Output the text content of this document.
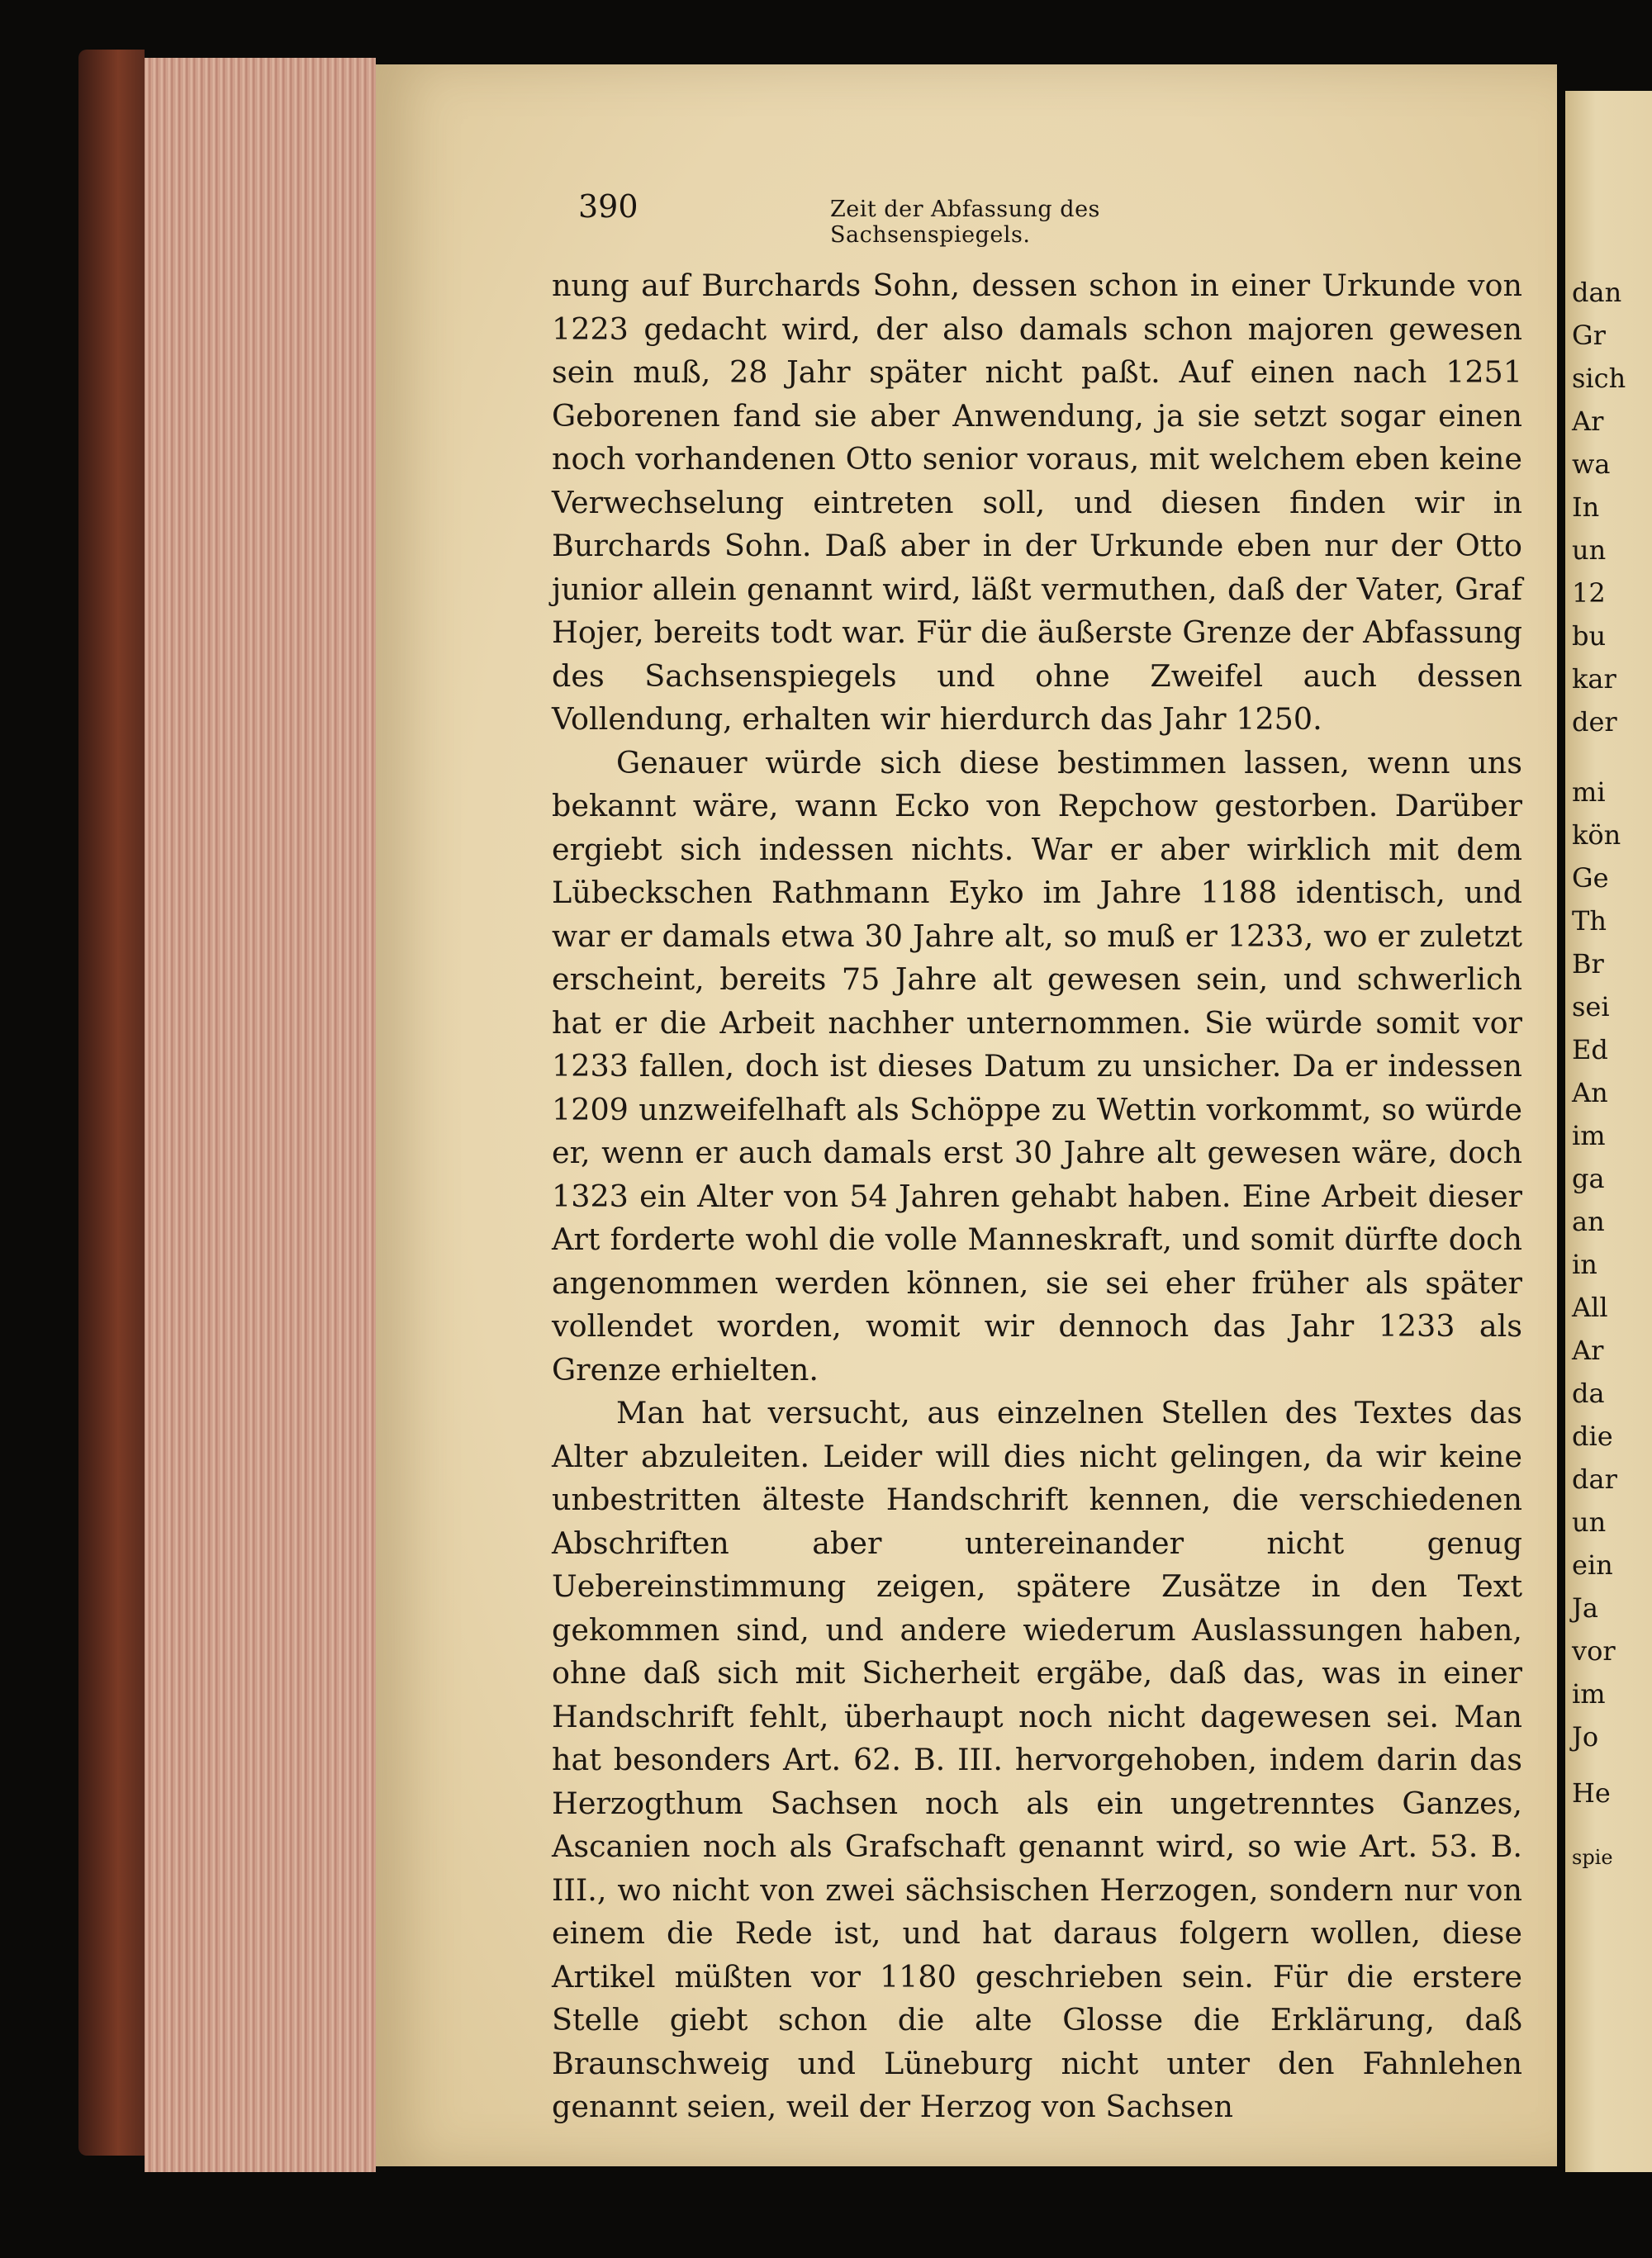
dan
Gr
sich
Ar
wa
In
un
12
bu
kar
der
mi
kön
Ge
Th
Br
sei
Ed
An
im
ga
an
in
All
Ar
da
die
dar
un
ein
Ja
vor
im
Jo
He
spie
390	Zeit der Abfassung des Sachsenspiegels.

nung auf Burchards Sohn, dessen schon in einer Urkunde von 1223 gedacht wird, der also damals schon majoren gewesen sein muß, 28 Jahr später nicht paßt. Auf einen nach 1251 Geborenen fand sie aber Anwendung, ja sie setzt sogar einen noch vorhandenen Otto senior voraus, mit welchem eben keine Verwechselung eintreten soll, und diesen finden wir in Burchards Sohn. Daß aber in der Urkunde eben nur der Otto junior allein genannt wird, läßt vermuthen, daß der Vater, Graf Hojer, bereits todt war. Für die äußerste Grenze der Abfassung des Sachsenspiegels und ohne Zweifel auch dessen Vollendung, erhalten wir hierdurch das Jahr 1250.

Genauer würde sich diese bestimmen lassen, wenn uns bekannt wäre, wann Ecko von Repchow gestorben. Darüber ergiebt sich indessen nichts. War er aber wirklich mit dem Lübeckschen Rathmann Eyko im Jahre 1188 identisch, und war er damals etwa 30 Jahre alt, so muß er 1233, wo er zuletzt erscheint, bereits 75 Jahre alt gewesen sein, und schwerlich hat er die Arbeit nachher unternommen. Sie würde somit vor 1233 fallen, doch ist dieses Datum zu unsicher. Da er indessen 1209 unzweifelhaft als Schöppe zu Wettin vorkommt, so würde er, wenn er auch damals erst 30 Jahre alt gewesen wäre, doch 1323 ein Alter von 54 Jahren gehabt haben. Eine Arbeit dieser Art forderte wohl die volle Manneskraft, und somit dürfte doch angenommen werden können, sie sei eher früher als später vollendet worden, womit wir dennoch das Jahr 1233 als Grenze erhielten.

Man hat versucht, aus einzelnen Stellen des Textes das Alter abzuleiten. Leider will dies nicht gelingen, da wir keine unbestritten älteste Handschrift kennen, die verschiedenen Abschriften aber untereinander nicht genug Uebereinstimmung zeigen, spätere Zusätze in den Text gekommen sind, und andere wiederum Auslassungen haben, ohne daß sich mit Sicherheit ergäbe, daß das, was in einer Handschrift fehlt, überhaupt noch nicht dagewesen sei. Man hat besonders Art. 62. B. III. hervorgehoben, indem darin das Herzogthum Sachsen noch als ein ungetrenntes Ganzes, Ascanien noch als Grafschaft genannt wird, so wie Art. 53. B. III., wo nicht von zwei sächsischen Herzogen, sondern nur von einem die Rede ist, und hat daraus folgern wollen, diese Artikel müßten vor 1180 geschrieben sein. Für die erstere Stelle giebt schon die alte Glosse die Erklärung, daß Braunschweig und Lüneburg nicht unter den Fahnlehen genannt seien, weil der Herzog von Sachsen
